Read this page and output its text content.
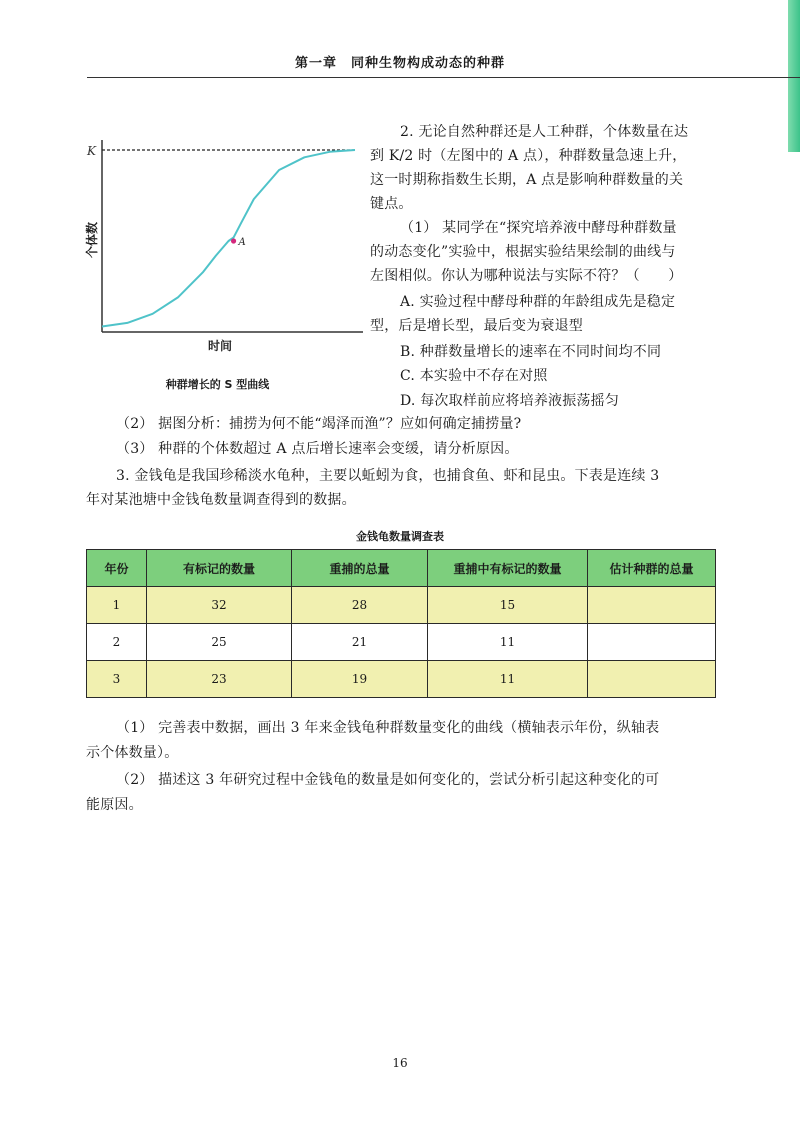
第一章　同种生物构成动态的种群
A
K
个体数
时间
种群增长的 S 型曲线

2. 无论自然种群还是人工种群，个体数量在达

到 K/2 时（左图中的 A 点），种群数量急速上升，

这一时期称指数生长期，A 点是影响种群数量的关

键点。

（1） 某同学在“探究培养液中酵母种群数量

的动态变化”实验中，根据实验结果绘制的曲线与

左图相似。你认为哪种说法与实际不符？（　　）

A. 实验过程中酵母种群的年龄组成先是稳定

型，后是增长型，最后变为衰退型

B. 种群数量增长的速率在不同时间均不同

C. 本实验中不存在对照

D. 每次取样前应将培养液振荡摇匀

（2） 据图分析：捕捞为何不能“竭泽而渔”？应如何确定捕捞量?

（3） 种群的个体数超过 A 点后增长速率会变缓，请分析原因。

3. 金钱龟是我国珍稀淡水龟种，主要以蚯蚓为食，也捕食鱼、虾和昆虫。下表是连续 3

年对某池塘中金钱龟数量调查得到的数据。

金钱龟数量调查表
年份	有标记的数量	重捕的总量	重捕中有标记的数量	估计种群的总量
1	32	28	15	
2	25	21	11	
3	23	19	11	

（1） 完善表中数据，画出 3 年来金钱龟种群数量变化的曲线（横轴表示年份，纵轴表

示个体数量）。

（2） 描述这 3 年研究过程中金钱龟的数量是如何变化的，尝试分析引起这种变化的可

能原因。

16
